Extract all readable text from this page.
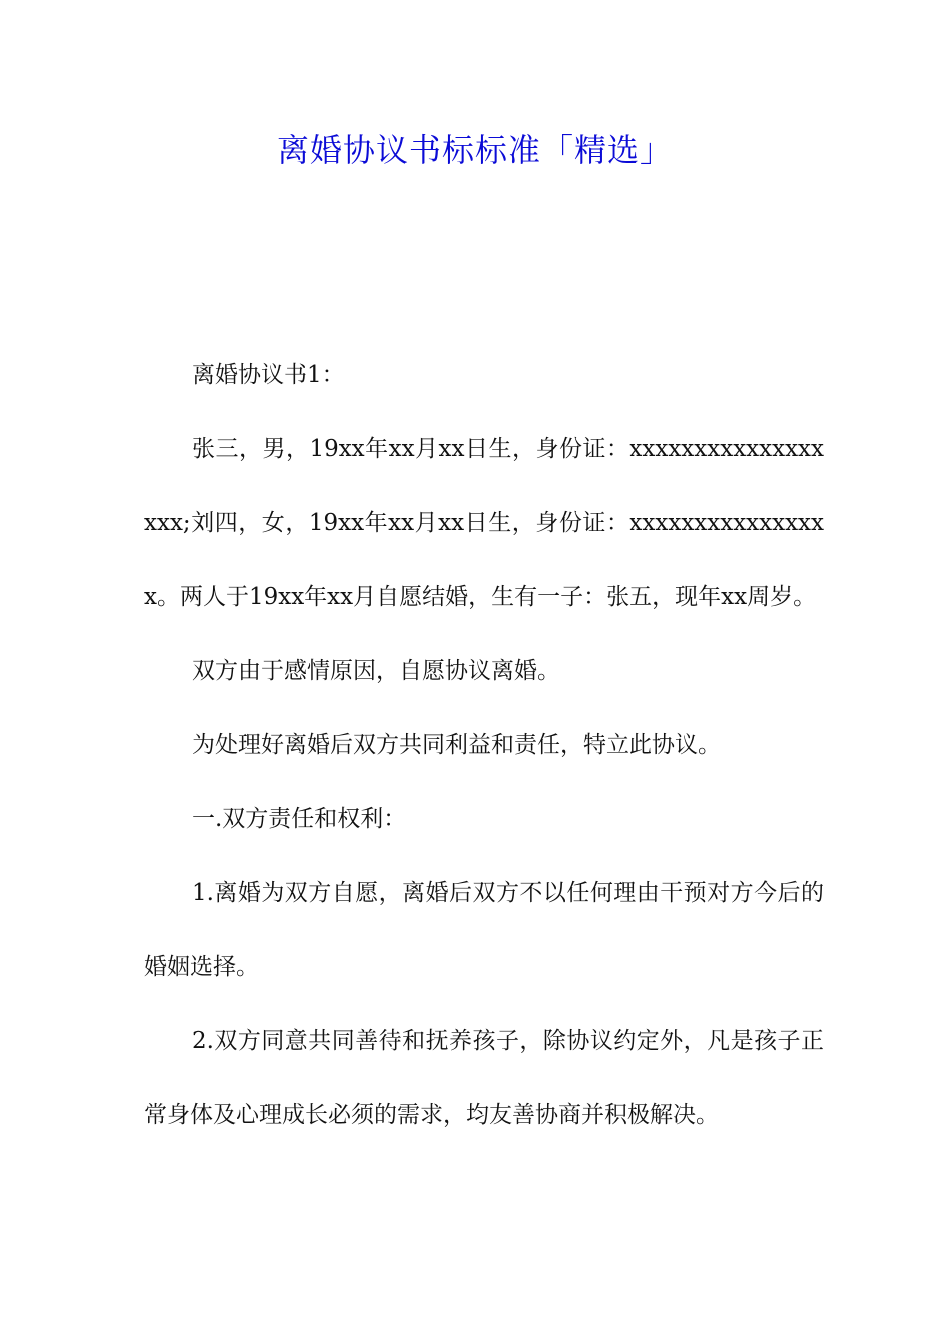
离婚协议书标标准「精选」

离婚协议书1：

张三，男，19xx年xx月xx日生，身份证：xxxxxxxxxxxxxxxxxx;刘四，女，19xx年xx月xx日生，身份证：xxxxxxxxxxxxxxxx。两人于19xx年xx月自愿结婚，生有一子：张五，现年xx周岁。

双方由于感情原因，自愿协议离婚。

为处理好离婚后双方共同利益和责任，特立此协议。

一.双方责任和权利：

1.离婚为双方自愿，离婚后双方不以任何理由干预对方今后的婚姻选择。

2.双方同意共同善待和抚养孩子，除协议约定外，凡是孩子正常身体及心理成长必须的需求，均友善协商并积极解决。
